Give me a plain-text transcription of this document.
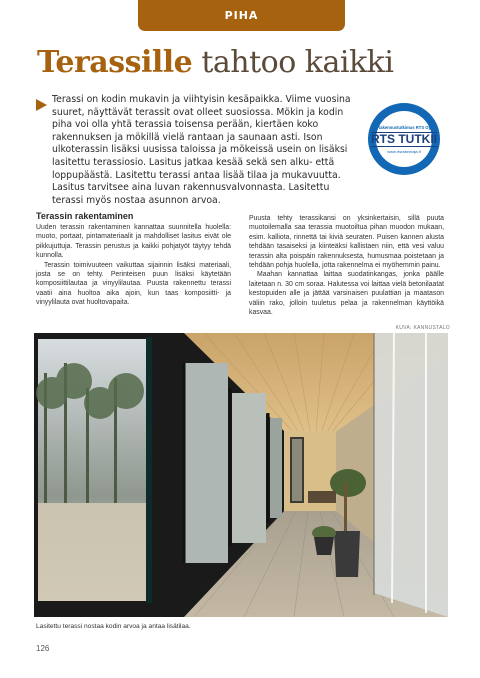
PIHA
Terassille tahtoo kaikki
Terassi on kodin mukavin ja viihtyisin kesäpaikka. Viime vuosina suuret, näyttävät terassit ovat olleet suosiossa. Mökin ja kodin piha voi olla yhtä terassia toisensa perään, kiertäen koko rakennuksen ja mökillä vielä rantaan ja saunaan asti. Ison ulkoterassin lisäksi uusissa taloissa ja mökeissä usein on lisäksi lasitettu terassiosio. Lasitus jatkaa kesää sekä sen alku- että loppupäästä. Lasitettu terassi antaa lisää tilaa ja mukavuutta. Lasitus tarvitsee aina luvan rakennusvalvonnasta. Lasitettu terassi myös nostaa asunnon arvoa.
Rakennustutkimus RTS Oy
RTS TUTKII
www.rtsrakentaja.fi
Terassin rakentaminen

Uuden terassin rakentaminen kannattaa suunnitella huolella: muoto, portaat, pintamateriaalit ja mahdolliset lasitus eivät ole pikkujuttuja. Terassin perustus ja kaikki pohjatyöt täytyy tehdä kunnolla.

Terassin toimivuuteen vaikuttaa sijainnin lisäksi materiaali, josta se on tehty. Perinteisen puun lisäksi käytetään komposiittilautaa ja vinyylilautaa. Puusta rakennettu terassi vaatii aina huoltoa aika ajoin, kun taas komposiitti- ja vinyylilauta ovat huoltovapaita.

Puusta tehty terassikansi on yksinkertaisin, sillä puuta muotoilemalla saa terassia muotoiltua pihan muodon mukaan, esim. kalliota, rinnettä tai kiviä seuraten. Puisen kannen alusta tehdään tasaiseksi ja kiinteäksi kallistaen niin, että vesi valuu terassin alta poispäin rakennuksesta, humusmaa poistetaan ja tehdään pohja huolella, jotta rakennelma ei myöhemmin painu.

Maahan kannattaa laittaa suodatinkangas, jonka päälle laitetaan n. 30 cm soraa. Halutessa voi laittaa vielä betonilaatat kestopuiden alle ja jättää varsinaisen puulattian ja maatason väliin rako, jolloin tuuletus pelaa ja rakennelman käyttöikä kasvaa.

KUVA: KANNUSTALO
Lasitettu terassi nostaa kodin arvoa ja antaa lisätilaa.
126
